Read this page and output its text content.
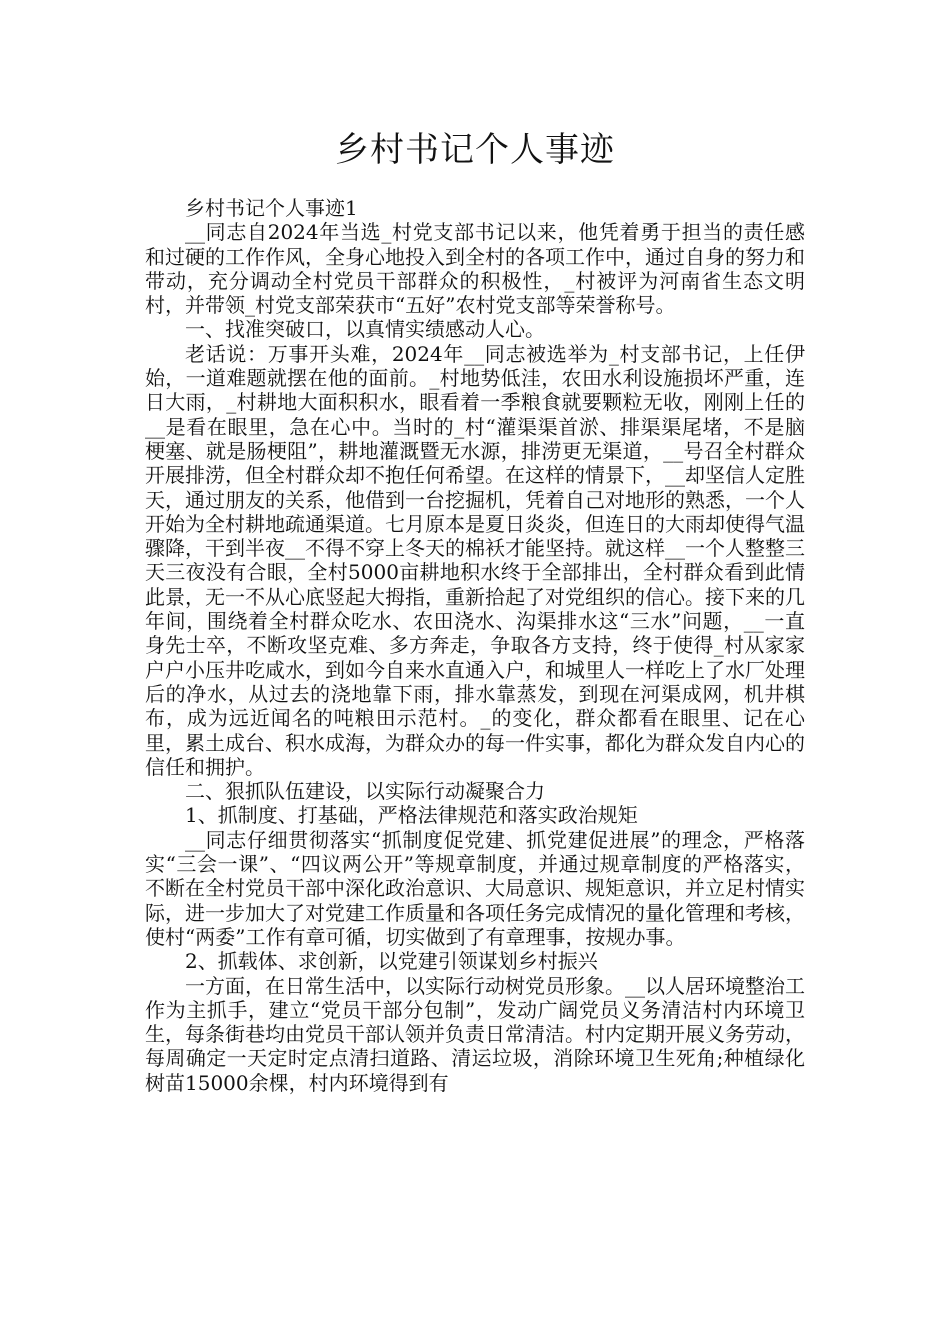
乡村书记个人事迹

乡村书记个人事迹1

__同志自2024年当选_村党支部书记以来，他凭着勇于担当的责任感和过硬的工作作风，全身心地投入到全村的各项工作中，通过自身的努力和带动，充分调动全村党员干部群众的积极性，_村被评为河南省生态文明村，并带领_村党支部荣获市“五好”农村党支部等荣誉称号。

一、找准突破口，以真情实绩感动人心。

老话说：万事开头难，2024年__同志被选举为_村支部书记，上任伊始，一道难题就摆在他的面前。_村地势低洼，农田水利设施损坏严重，连日大雨，_村耕地大面积积水，眼看着一季粮食就要颗粒无收，刚刚上任的__是看在眼里，急在心中。当时的_村“灌渠渠首淤、排渠渠尾堵，不是脑梗塞、就是肠梗阻”，耕地灌溉暨无水源，排涝更无渠道，__号召全村群众开展排涝，但全村群众却不抱任何希望。在这样的情景下，__却坚信人定胜天，通过朋友的关系，他借到一台挖掘机，凭着自己对地形的熟悉，一个人开始为全村耕地疏通渠道。七月原本是夏日炎炎，但连日的大雨却使得气温骤降，干到半夜__不得不穿上冬天的棉袄才能坚持。就这样__一个人整整三天三夜没有合眼，全村5000亩耕地积水终于全部排出，全村群众看到此情此景，无一不从心底竖起大拇指，重新拾起了对党组织的信心。接下来的几年间，围绕着全村群众吃水、农田浇水、沟渠排水这“三水”问题，__一直身先士卒，不断攻坚克难、多方奔走，争取各方支持，终于使得_村从家家户户小压井吃咸水，到如今自来水直通入户，和城里人一样吃上了水厂处理后的净水，从过去的浇地靠下雨，排水靠蒸发，到现在河渠成网，机井棋布，成为远近闻名的吨粮田示范村。_的变化，群众都看在眼里、记在心里，累土成台、积水成海，为群众办的每一件实事，都化为群众发自内心的信任和拥护。

二、狠抓队伍建设，以实际行动凝聚合力

1、抓制度、打基础，严格法律规范和落实政治规矩

__同志仔细贯彻落实“抓制度促党建、抓党建促进展”的理念，严格落实“三会一课”、“四议两公开”等规章制度，并通过规章制度的严格落实，不断在全村党员干部中深化政治意识、大局意识、规矩意识，并立足村情实际，进一步加大了对党建工作质量和各项任务完成情况的量化管理和考核，使村“两委”工作有章可循，切实做到了有章理事，按规办事。

2、抓载体、求创新，以党建引领谋划乡村振兴

一方面，在日常生活中，以实际行动树党员形象。__以人居环境整治工作为主抓手，建立“党员干部分包制”，发动广阔党员义务清洁村内环境卫生，每条街巷均由党员干部认领并负责日常清洁。村内定期开展义务劳动，每周确定一天定时定点清扫道路、清运垃圾，消除环境卫生死角;种植绿化树苗15000余棵，村内环境得到有
